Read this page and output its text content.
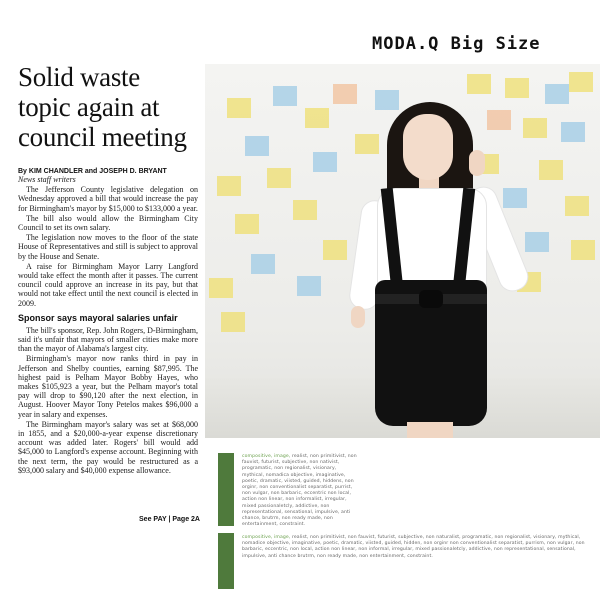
MODA.Q Big Size
Solid waste topic again at council meeting
By KIM CHANDLER and JOSEPH D. BRYANT
News staff writers

The Jefferson County legislative delegation on Wednesday approved a bill that would increase the pay for Birmingham's mayor by $15,000 to $133,000 a year.

The bill also would allow the Birmingham City Council to set its own salary.

The legislation now moves to the floor of the state House of Representatives and still is subject to approval by the House and Senate.

A raise for Birmingham Mayor Larry Langford would take effect the month after it passes. The current council could approve an increase in its pay, but that would not take effect until the next council is elected in 2009.

Sponsor says mayoral salaries unfair

The bill's sponsor, Rep. John Rogers, D-Birmingham, said it's unfair that mayors of smaller cities make more than the mayor of Alabama's largest city.

Birmingham's mayor now ranks third in pay in Jefferson and Shelby counties, earning $87,995. The highest paid is Pelham Mayor Bobby Hayes, who makes $105,923 a year, but the Pelham mayor's total pay will drop to $90,120 after the next election, in August. Hoover Mayor Tony Petelos makes $96,000 a year in salary and expenses.

The Birmingham mayor's salary was set at $68,000 in 1855, and a $20,000-a-year expense discretionary account was added later. Rogers' bill would add $45,000 to Langford's expense account. Beginning with the next term, the pay would be restructured as a $93,000 salary and $40,000 expense allowance.

See PAY | Page 2A
compositive, image, realist, non primitivist, non fauvist, futurist, subjective, non nativist, programatic, non regionalist, visionary, mythical, nomadica objective, imaginative, poetic, dramatic, viisted, guided, hiddens, non orginr, non conventionalist separatist, purrist, non vulgar, non barbaric, eccentric non local, action non linear, non informalist, irregular, mixed passionaletcly, addictive, non representational, sensational, impulsive, anti chance, brutrm, non ready made, non entertainment, constraint.
compositive, image, realist, non primitivist, non fauvist, futurist, subjective, non naturalist, programatic, non regionalist, visionary, mythical, nomadice objective, imaginative, poetic, dramatic, viisted, guided, hidden, non orginr non conventionalist separatist, purrism, non vulgar, non barbaric, eccentric, non local, action non linear, non informal, irregular, mixed passionaletcly, addictive, non representational, sensational, impulsive, anti chance brutrm, non ready made, non entertainment, constraint.
